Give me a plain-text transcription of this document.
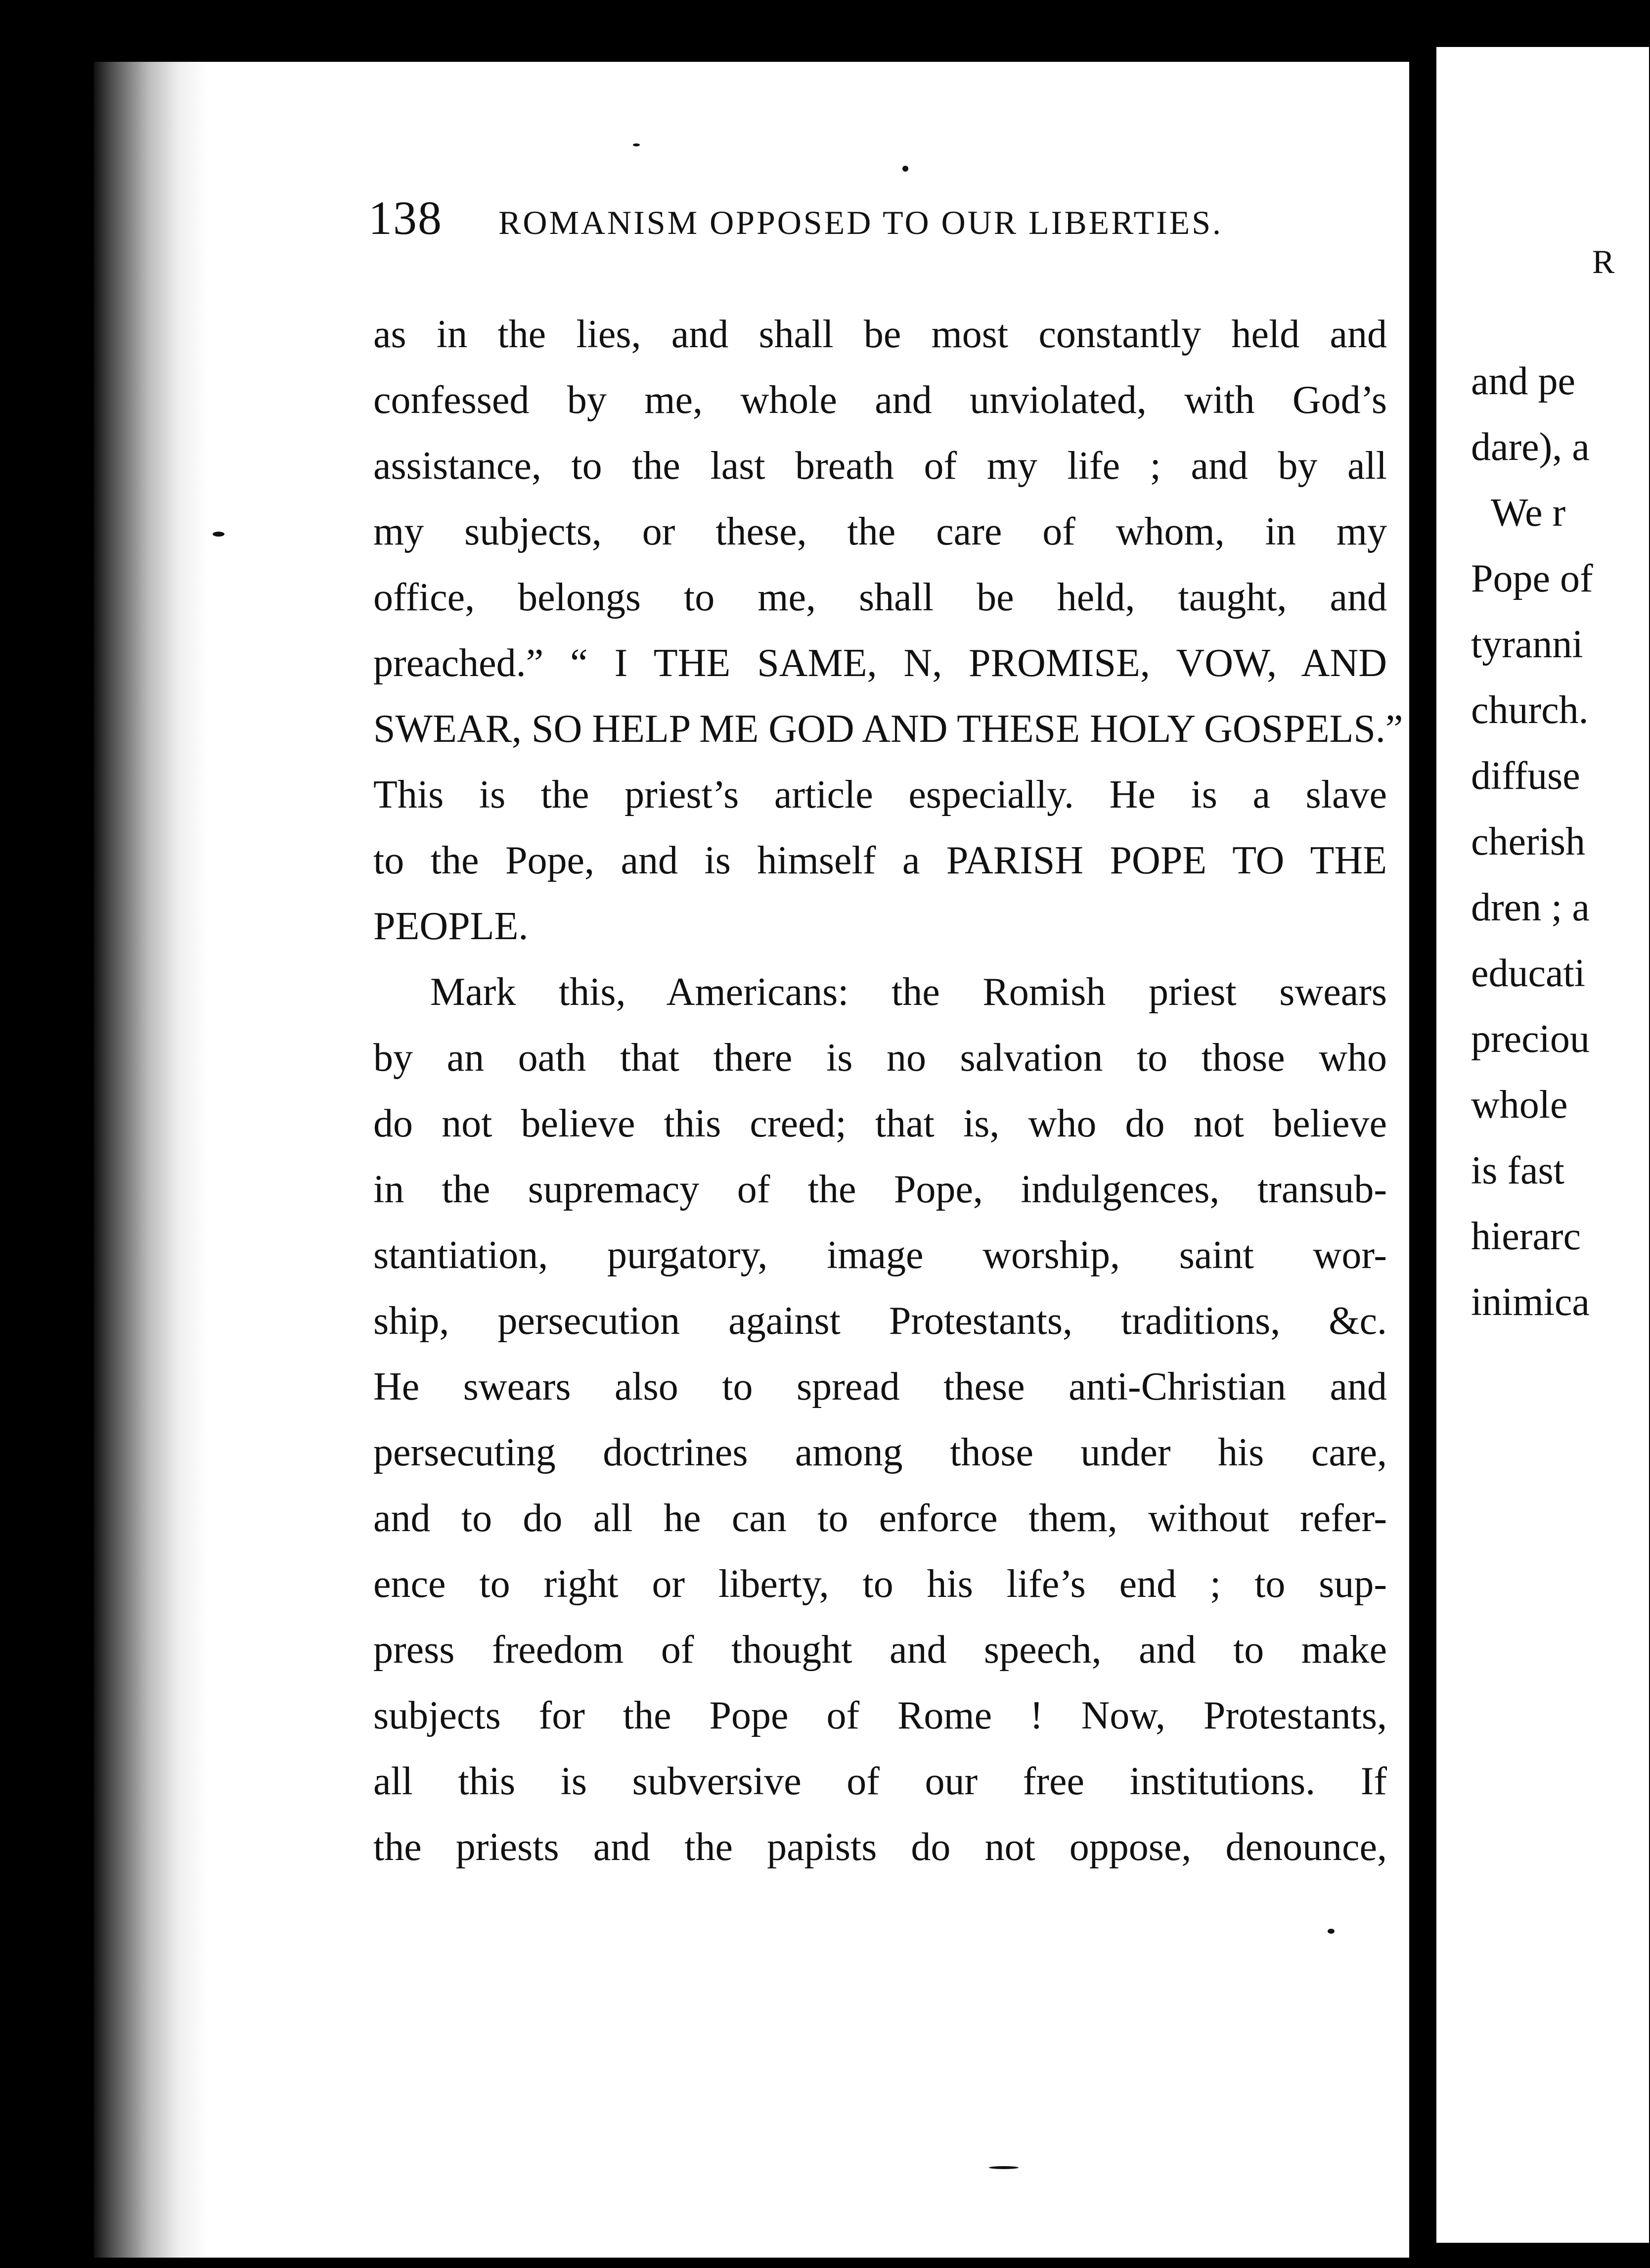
138 ROMANISM OPPOSED TO OUR LIBERTIES.
as in the lies, and shall be most constantly held and
confessed by me, whole and unviolated, with God’s
assistance, to the last breath of my life ; and by all
my subjects, or these, the care of whom, in my
office, belongs to me, shall be held, taught, and
preached.” “ I THE SAME, N, PROMISE, VOW, AND
SWEAR, SO HELP ME GOD AND THESE HOLY GOSPELS.”
This is the priest’s article especially. He is a slave
to the Pope, and is himself a PARISH POPE TO THE
PEOPLE.
Mark this, Americans: the Romish priest swears
by an oath that there is no salvation to those who
do not believe this creed; that is, who do not believe
in the supremacy of the Pope, indulgences, transub-
stantiation, purgatory, image worship, saint wor-
ship, persecution against Protestants, traditions, &c.
He swears also to spread these anti-Christian and
persecuting doctrines among those under his care,
and to do all he can to enforce them, without refer-
ence to right or liberty, to his life’s end ; to sup-
press freedom of thought and speech, and to make
subjects for the Pope of Rome ! Now, Protestants,
all this is subversive of our free institutions. If
the priests and the papists do not oppose, denounce,
R
and pe
dare), a
We r
Pope of
tyranni
church.
diffuse
cherish
dren ; a
educati
preciou
whole
is fast
hierarc
inimica
